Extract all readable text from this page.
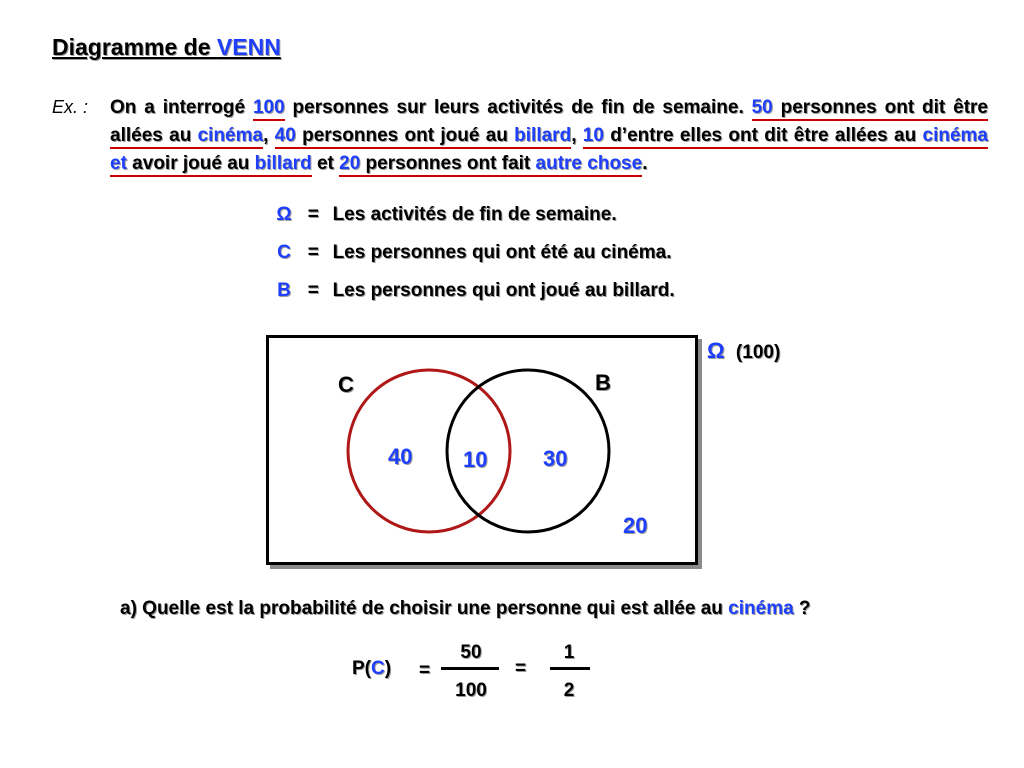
Diagramme de VENN
Ex. : On a interrogé 100 personnes sur leurs activités de fin de semaine. 50 personnes ont dit être allées au cinéma, 40 personnes ont joué au billard, 10 d’entre elles ont dit être allées au cinéma et avoir joué au billard et 20 personnes ont fait autre chose.
Ω = Les activités de fin de semaine.
C = Les personnes qui ont été au cinéma.
B = Les personnes qui ont joué au billard.
C	B
40 10	30
20
Ω (100)
a) Quelle est la probabilité de choisir une personne qui est allée au cinéma ?
P(C) =
50
100
=
1
2
